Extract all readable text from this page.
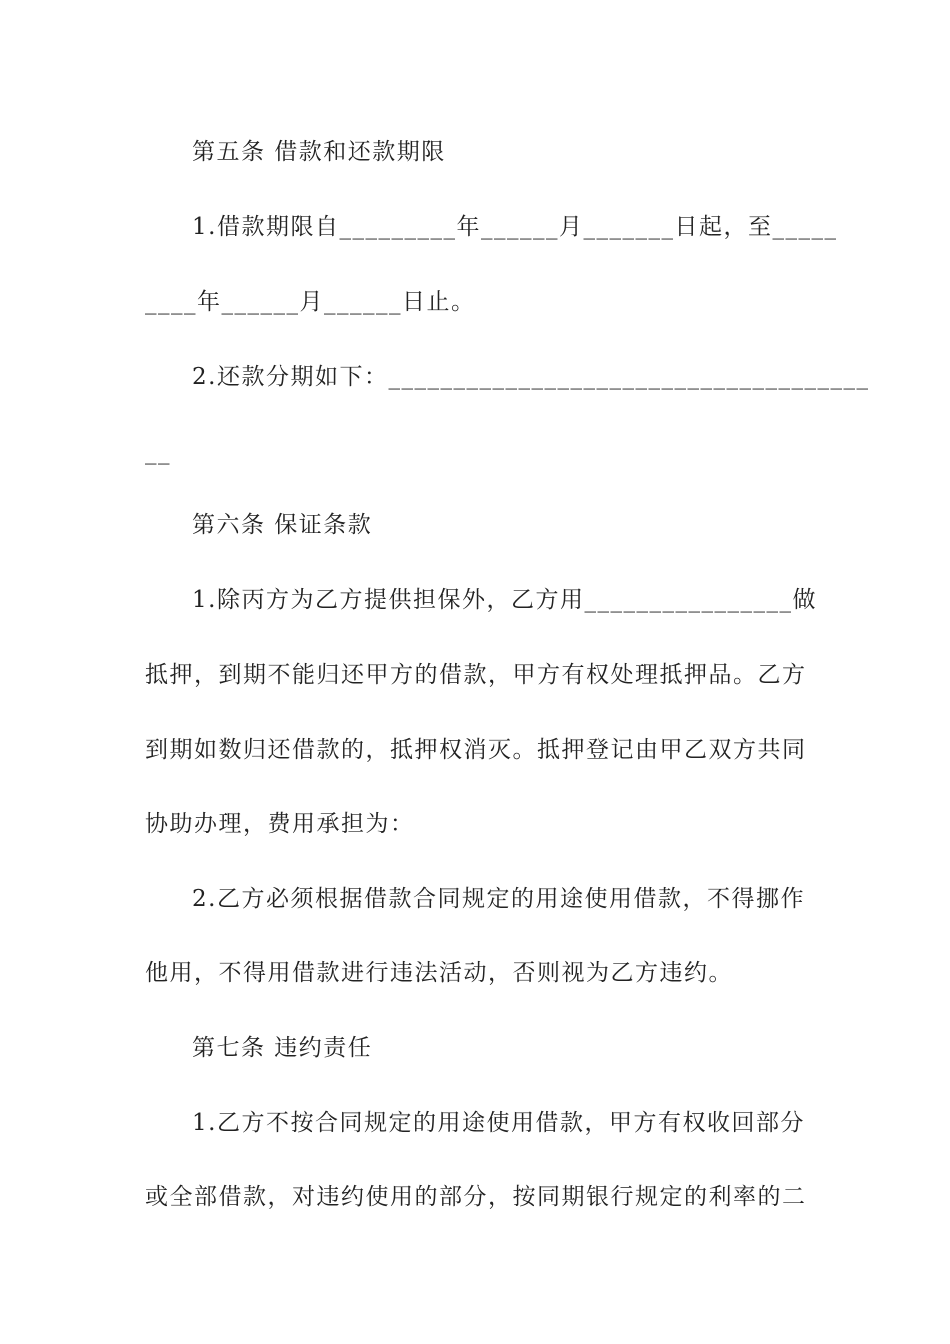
第五条 借款和还款期限
1.借款期限自_________年______月_______日起，至_____
____年______月______日止。
2.还款分期如下：_____________________________________
__
第六条 保证条款
1.除丙方为乙方提供担保外，乙方用________________做
抵押，到期不能归还甲方的借款，甲方有权处理抵押品。乙方
到期如数归还借款的，抵押权消灭。抵押登记由甲乙双方共同
协助办理，费用承担为：
2.乙方必须根据借款合同规定的用途使用借款，不得挪作
他用，不得用借款进行违法活动，否则视为乙方违约。
第七条 违约责任
1.乙方不按合同规定的用途使用借款，甲方有权收回部分
或全部借款，对违约使用的部分，按同期银行规定的利率的二
